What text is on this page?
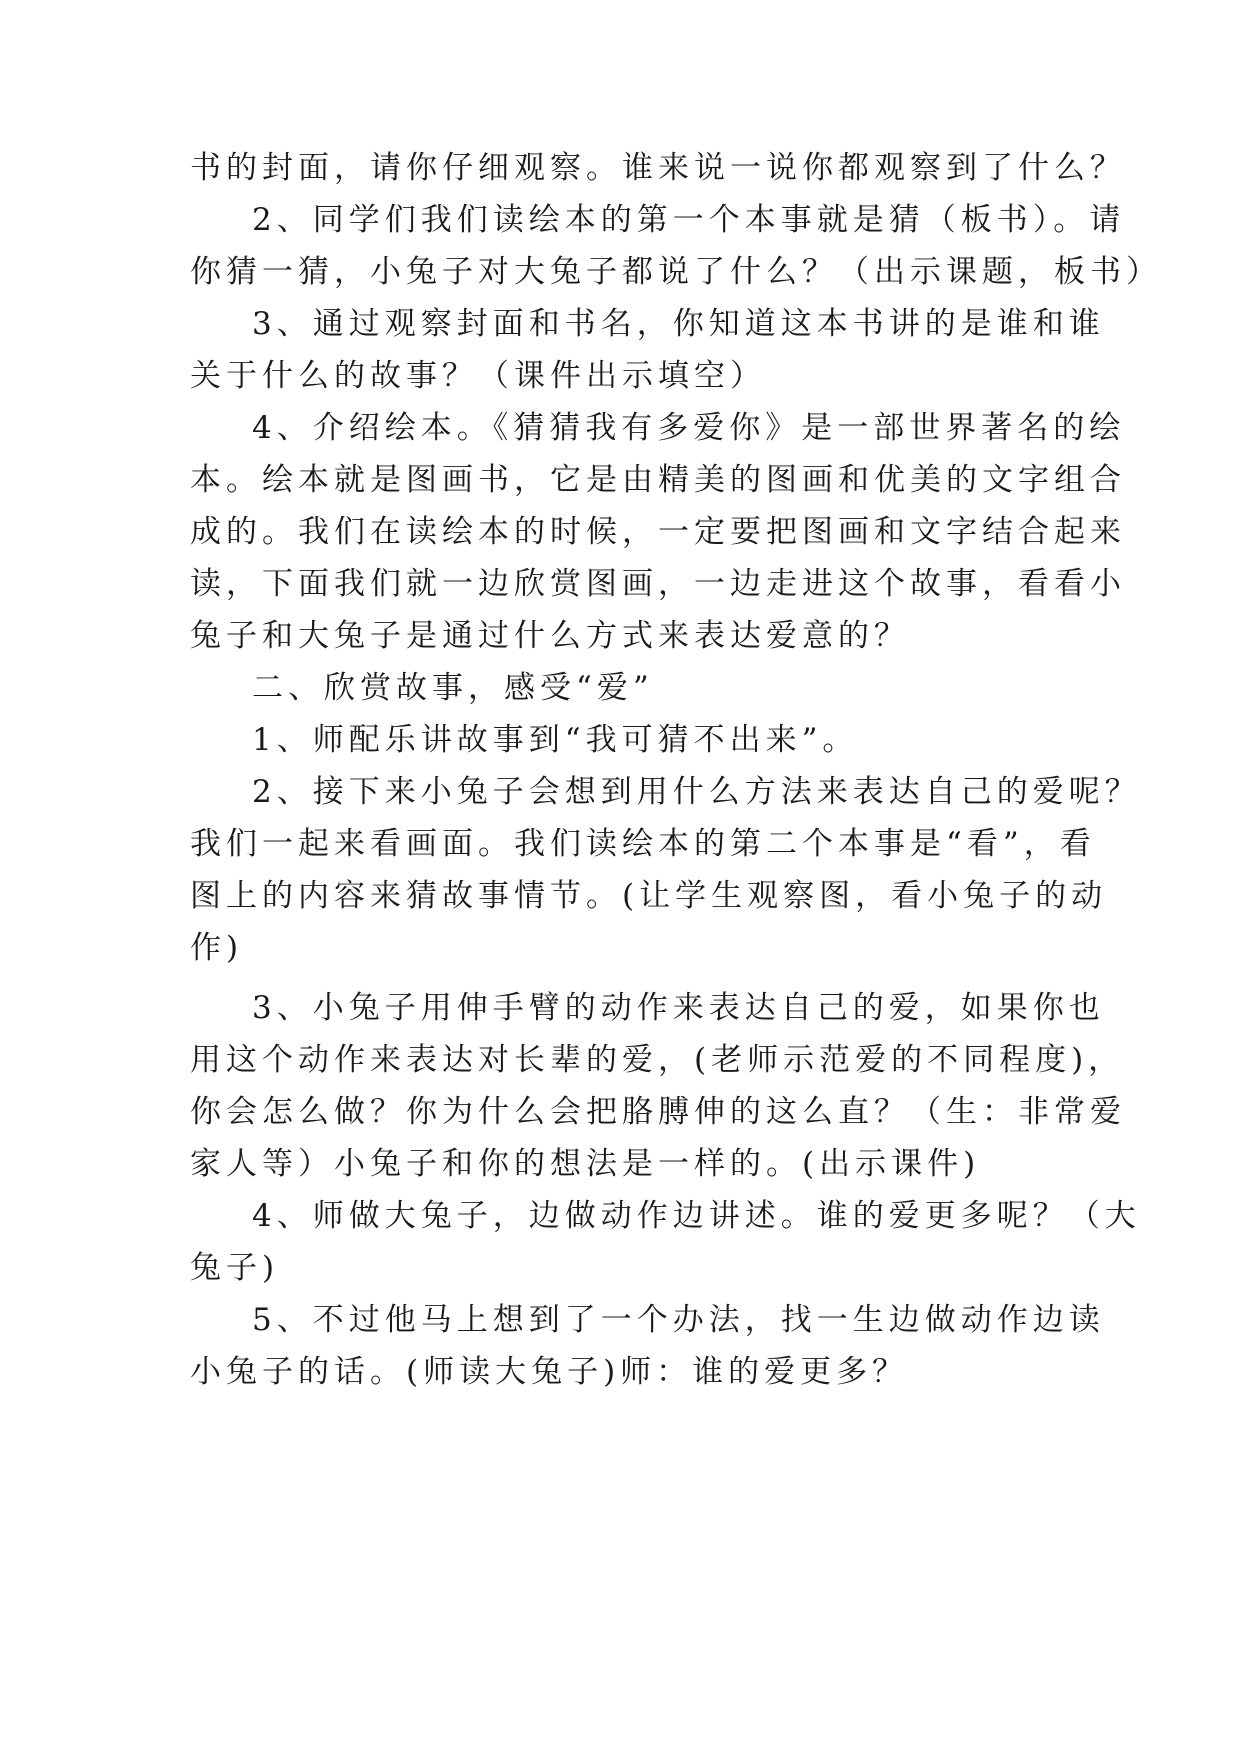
书的封面，请你仔细观察。谁来说一说你都观察到了什么？
2、同学们我们读绘本的第一个本事就是猜（板书）。请
你猜一猜，小兔子对大兔子都说了什么？（出示课题，板书）
3、通过观察封面和书名，你知道这本书讲的是谁和谁
关于什么的故事？（课件出示填空）
4、介绍绘本。《猜猜我有多爱你》是一部世界著名的绘
本。绘本就是图画书，它是由精美的图画和优美的文字组合
成的。我们在读绘本的时候，一定要把图画和文字结合起来
读，下面我们就一边欣赏图画，一边走进这个故事，看看小
兔子和大兔子是通过什么方式来表达爱意的？
二、欣赏故事，感受“爱”
1、师配乐讲故事到“我可猜不出来”。
2、接下来小兔子会想到用什么方法来表达自己的爱呢？
我们一起来看画面。我们读绘本的第二个本事是“看”，看
图上的内容来猜故事情节。(让学生观察图，看小兔子的动
作)
3、小兔子用伸手臂的动作来表达自己的爱，如果你也
用这个动作来表达对长辈的爱，(老师示范爱的不同程度)，
你会怎么做？你为什么会把胳膊伸的这么直？（生：非常爱
家人等）小兔子和你的想法是一样的。(出示课件)
4、师做大兔子，边做动作边讲述。谁的爱更多呢？（大
兔子)
5、不过他马上想到了一个办法，找一生边做动作边读
小兔子的话。(师读大兔子)师：谁的爱更多？
